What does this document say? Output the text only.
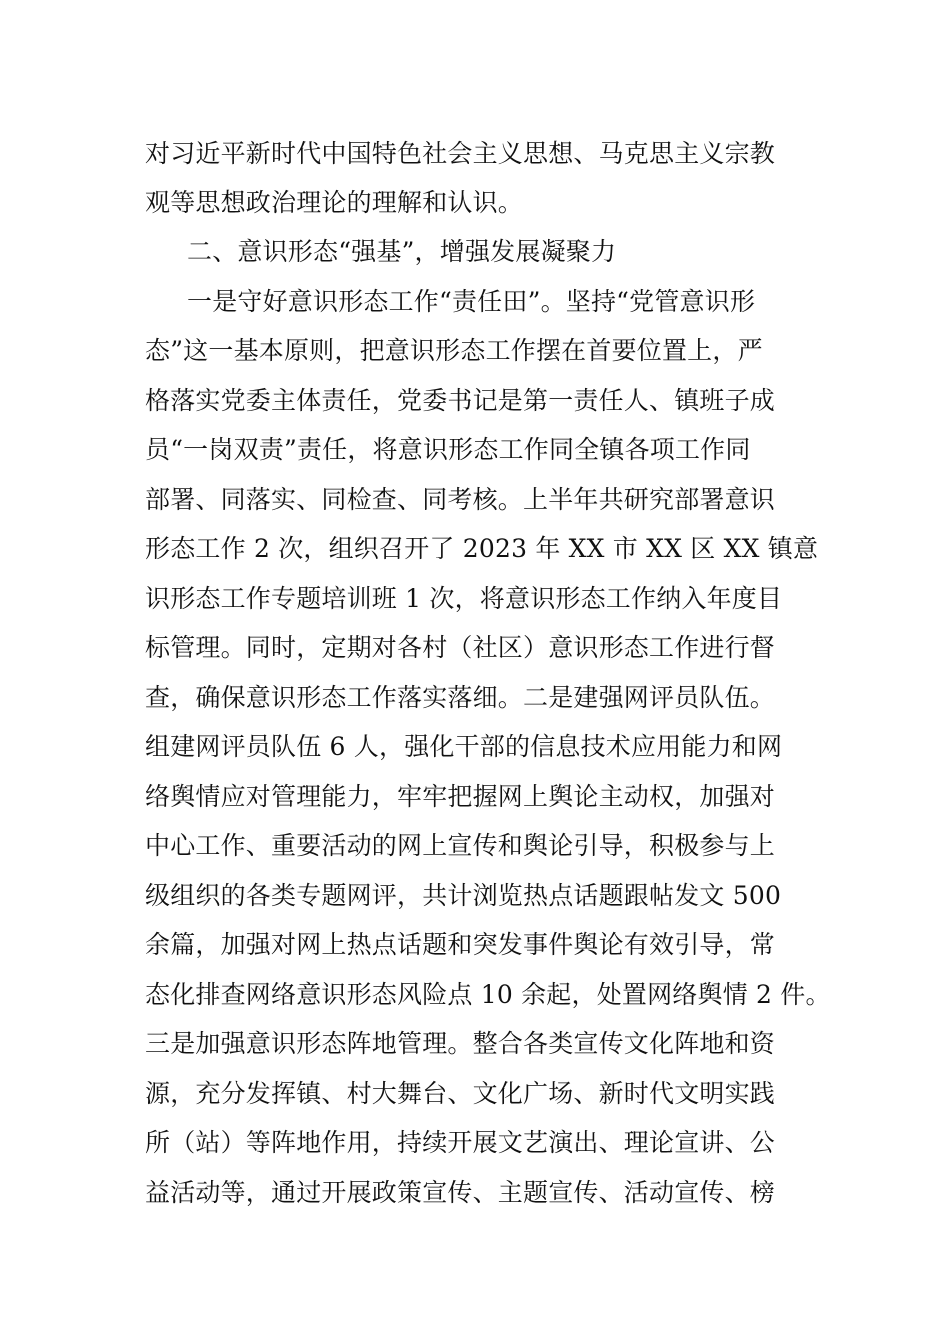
对习近平新时代中国特色社会主义思想、马克思主义宗教
观等思想政治理论的理解和认识。
二、意识形态“强基”，增强发展凝聚力
一是守好意识形态工作“责任田”。坚持“党管意识形
态”这一基本原则，把意识形态工作摆在首要位置上，严
格落实党委主体责任，党委书记是第一责任人、镇班子成
员“一岗双责”责任，将意识形态工作同全镇各项工作同
部署、同落实、同检查、同考核。上半年共研究部署意识
形态工作 2 次，组织召开了 2023 年 XX 市 XX 区 XX 镇意
识形态工作专题培训班 1 次，将意识形态工作纳入年度目
标管理。同时，定期对各村（社区）意识形态工作进行督
查，确保意识形态工作落实落细。二是建强网评员队伍。
组建网评员队伍 6 人，强化干部的信息技术应用能力和网
络舆情应对管理能力，牢牢把握网上舆论主动权，加强对
中心工作、重要活动的网上宣传和舆论引导，积极参与上
级组织的各类专题网评，共计浏览热点话题跟帖发文 500
余篇，加强对网上热点话题和突发事件舆论有效引导，常
态化排查网络意识形态风险点 10 余起，处置网络舆情 2 件。
三是加强意识形态阵地管理。整合各类宣传文化阵地和资
源，充分发挥镇、村大舞台、文化广场、新时代文明实践
所（站）等阵地作用，持续开展文艺演出、理论宣讲、公
益活动等，通过开展政策宣传、主题宣传、活动宣传、榜
